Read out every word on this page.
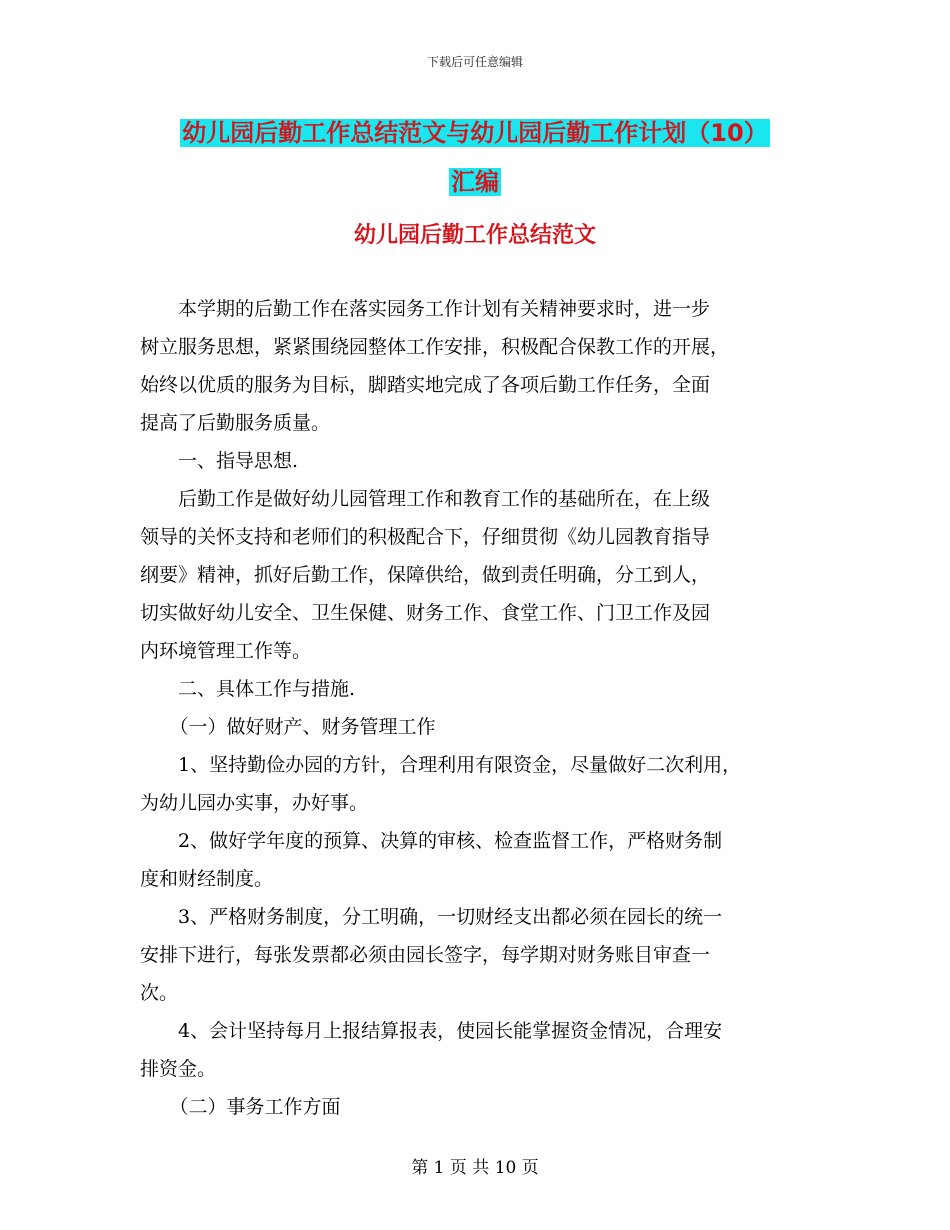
下载后可任意编辑
幼儿园后勤工作总结范文与幼儿园后勤工作计划（10）
汇编
幼儿园后勤工作总结范文

本学期的后勤工作在落实园务工作计划有关精神要求时，进一步
树立服务思想，紧紧围绕园整体工作安排，积极配合保教工作的开展，
始终以优质的服务为目标，脚踏实地完成了各项后勤工作任务，全面
提高了后勤服务质量。

一、指导思想.

后勤工作是做好幼儿园管理工作和教育工作的基础所在，在上级
领导的关怀支持和老师们的积极配合下，仔细贯彻《幼儿园教育指导
纲要》精神，抓好后勤工作，保障供给，做到责任明确，分工到人，
切实做好幼儿安全、卫生保健、财务工作、食堂工作、门卫工作及园
内环境管理工作等。

二、具体工作与措施.

（一）做好财产、财务管理工作

1、坚持勤俭办园的方针，合理利用有限资金，尽量做好二次利用，
为幼儿园办实事，办好事。

2、做好学年度的预算、决算的审核、检查监督工作，严格财务制
度和财经制度。

3、严格财务制度，分工明确，一切财经支出都必须在园长的统一
安排下进行，每张发票都必须由园长签字，每学期对财务账目审查一
次。

4、会计坚持每月上报结算报表，使园长能掌握资金情况，合理安
排资金。

（二）事务工作方面

第 1 页 共 10 页
